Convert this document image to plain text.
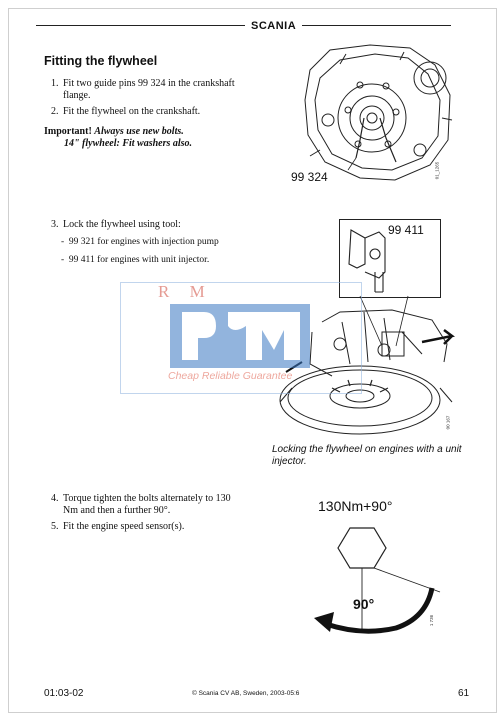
SCANIA
Fitting the flywheel
1. Fit two guide pins 99 324 in the crankshaft flange.
2. Fit the flywheel on the crankshaft.
Important! Always use new bolts.
14" flywheel: Fit washers also.
99 324	01_1265
3. Lock the flywheel using tool:
-  99 321 for engines with injection pump
-  99 411 for engines with unit injector.
99 411
00 167
Locking the flywheel on engines with a unit injector.
R M
Cheap Reliable Guarantee
4. Torque tighten the bolts alternately to 130 Nm and then a further 90°.
5. Fit the engine speed sensor(s).
130Nm+90°
90°
1 736
01:03-02	© Scania CV AB, Sweden, 2003-05:6	61
